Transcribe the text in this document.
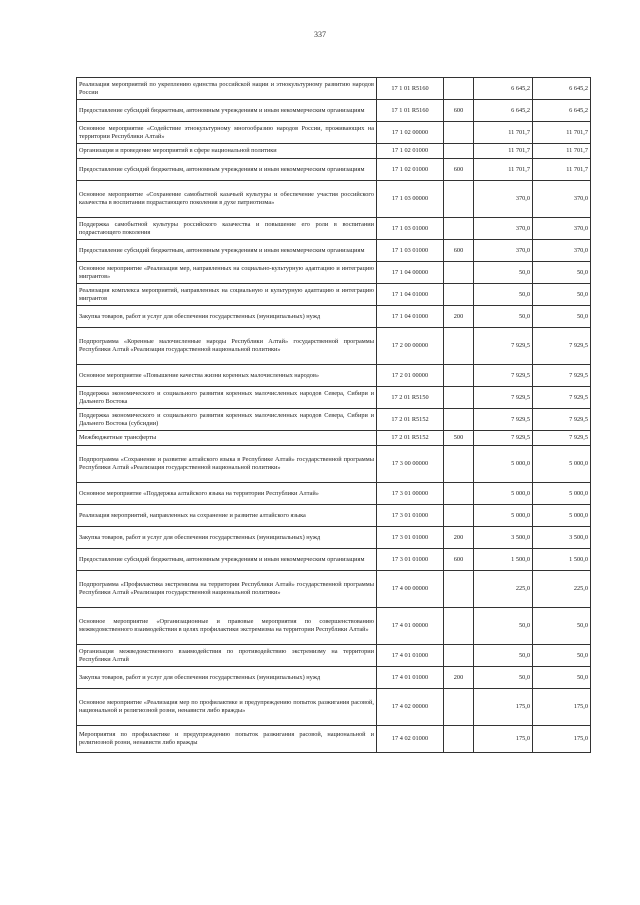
337
Реализация мероприятий по укреплению единства российской нации и этнокультурному развитию народов России	17 1 01 R5160		6 645,2	6 645,2
Предоставление субсидий бюджетным, автономным учреждениям и иным некоммерческим организациям	17 1 01 R5160	600	6 645,2	6 645,2
Основное мероприятие «Содействие этнокультурному многообразию народов России, проживающих на территории Республики Алтай»	17 1 02 00000		11 701,7	11 701,7
Организация и проведение мероприятий в сфере национальной политики	17 1 02 01000		11 701,7	11 701,7
Предоставление субсидий бюджетным, автономным учреждениям и иным некоммерческим организациям	17 1 02 01000	600	11 701,7	11 701,7
Основное мероприятие «Сохранение самобытной казачьей культуры и обеспечение участия российского казачества в воспитании подрастающего поколения в духе патриотизма»	17 1 03 00000		370,0	370,0
Поддержка самобытной культуры российского казачества и повышение его роли в воспитании подрастающего поколения	17 1 03 01000		370,0	370,0
Предоставление субсидий бюджетным, автономным учреждениям и иным некоммерческим организациям	17 1 03 01000	600	370,0	370,0
Основное мероприятие «Реализация мер, направленных на социально-культурную адаптацию и интеграцию мигрантов»	17 1 04 00000		50,0	50,0
Реализация комплекса мероприятий, направленных на социальную и культурную адаптацию и интеграцию мигрантов	17 1 04 01000		50,0	50,0
Закупка товаров, работ и услуг для обеспечения государственных (муниципальных) нужд	17 1 04 01000	200	50,0	50,0
Подпрограмма «Коренные малочисленные народы Республики Алтай» государственной программы Республики Алтай «Реализация государственной национальной политики»	17 2 00 00000		7 929,5	7 929,5
Основное мероприятие «Повышение качества жизни коренных малочисленных народов»	17 2 01 00000		7 929,5	7 929,5
Поддержка экономического и социального развития коренных малочисленных народов Севера, Сибири и Дальнего Востока	17 2 01 R5150		7 929,5	7 929,5
Поддержка экономического и социального развития коренных малочисленных народов Севера, Сибири и Дальнего Востока (субсидии)	17 2 01 R5152		7 929,5	7 929,5
Межбюджетные трансферты	17 2 01 R5152	500	7 929,5	7 929,5
Подпрограмма «Сохранение и развитие алтайского языка в Республике Алтай» государственной программы Республики Алтай «Реализация государственной национальной политики»	17 3 00 00000		5 000,0	5 000,0
Основное мероприятие «Поддержка алтайского языка на территории Республики Алтай»	17 3 01 00000		5 000,0	5 000,0
Реализация мероприятий, направленных на сохранение и развитие алтайского языка	17 3 01 01000		5 000,0	5 000,0
Закупка товаров, работ и услуг для обеспечения государственных (муниципальных) нужд	17 3 01 01000	200	3 500,0	3 500,0
Предоставление субсидий бюджетным, автономным учреждениям и иным некоммерческим организациям	17 3 01 01000	600	1 500,0	1 500,0
Подпрограмма «Профилактика экстремизма на территории Республики Алтай» государственной программы Республики Алтай «Реализация государственной национальной политики»	17 4 00 00000		225,0	225,0
Основное мероприятие «Организационные и правовые мероприятия по совершенствованию межведомственного взаимодействия в целях профилактики экстремизма на территории Республики Алтай»	17 4 01 00000		50,0	50,0
Организация межведомственного взаимодействия по противодействию экстремизму на территории Республики Алтай	17 4 01 01000		50,0	50,0
Закупка товаров, работ и услуг для обеспечения государственных (муниципальных) нужд	17 4 01 01000	200	50,0	50,0
Основное мероприятие «Реализация мер по профилактике и предупреждению попыток разжигания расовой, национальной и религиозной розни, ненависти либо вражды»	17 4 02 00000		175,0	175,0
Мероприятия по профилактике и предупреждению попыток разжигания расовой, национальной и религиозной розни, ненависти либо вражды	17 4 02 01000		175,0	175,0
